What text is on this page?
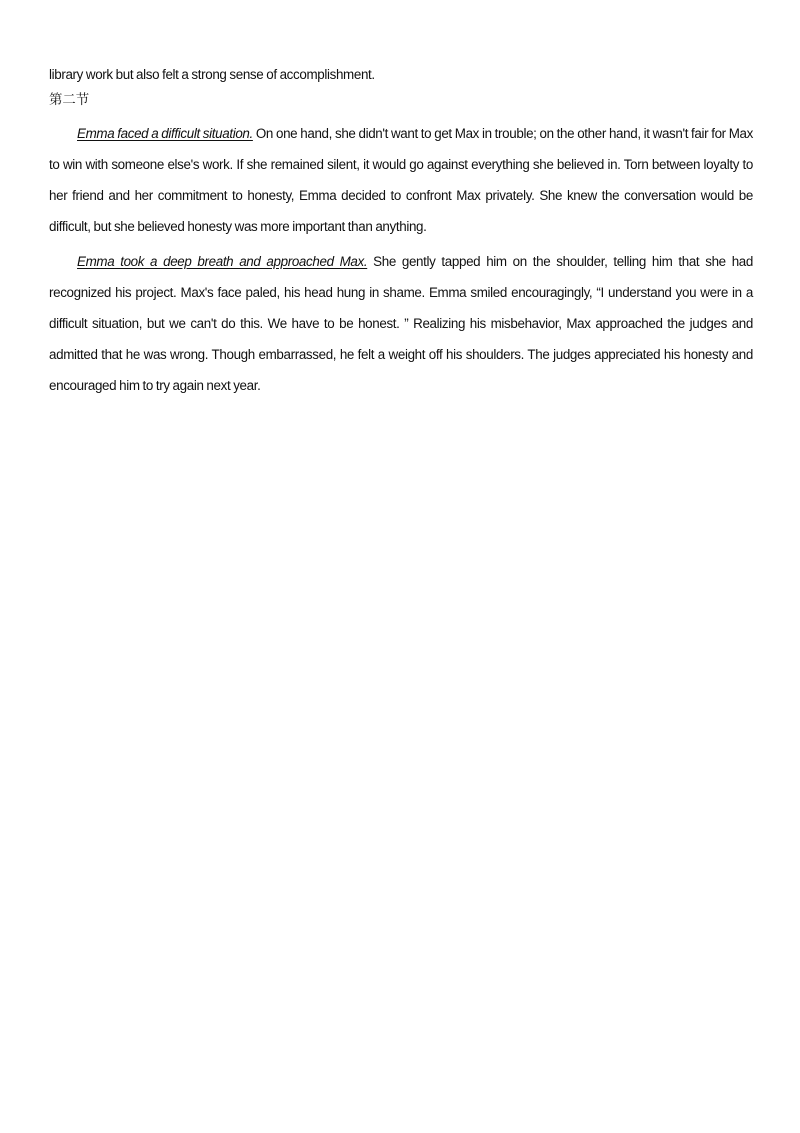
library work but also felt a strong sense of accomplishment.

第二节

Emma faced a difficult situation. On one hand, she didn't want to get Max in trouble; on the other hand, it wasn't fair for Max to win with someone else's work. If she remained silent, it would go against everything she believed in. Torn between loyalty to her friend and her commitment to honesty, Emma decided to confront Max privately. She knew the conversation would be difficult, but she believed honesty was more important than anything.

Emma took a deep breath and approached Max. She gently tapped him on the shoulder, telling him that she had recognized his project. Max's face paled, his head hung in shame. Emma smiled encouragingly, “I understand you were in a difficult situation, but we can't do this. We have to be honest. ” Realizing his misbehavior, Max approached the judges and admitted that he was wrong. Though embarrassed, he felt a weight off his shoulders. The judges appreciated his honesty and encouraged him to try again next year.
